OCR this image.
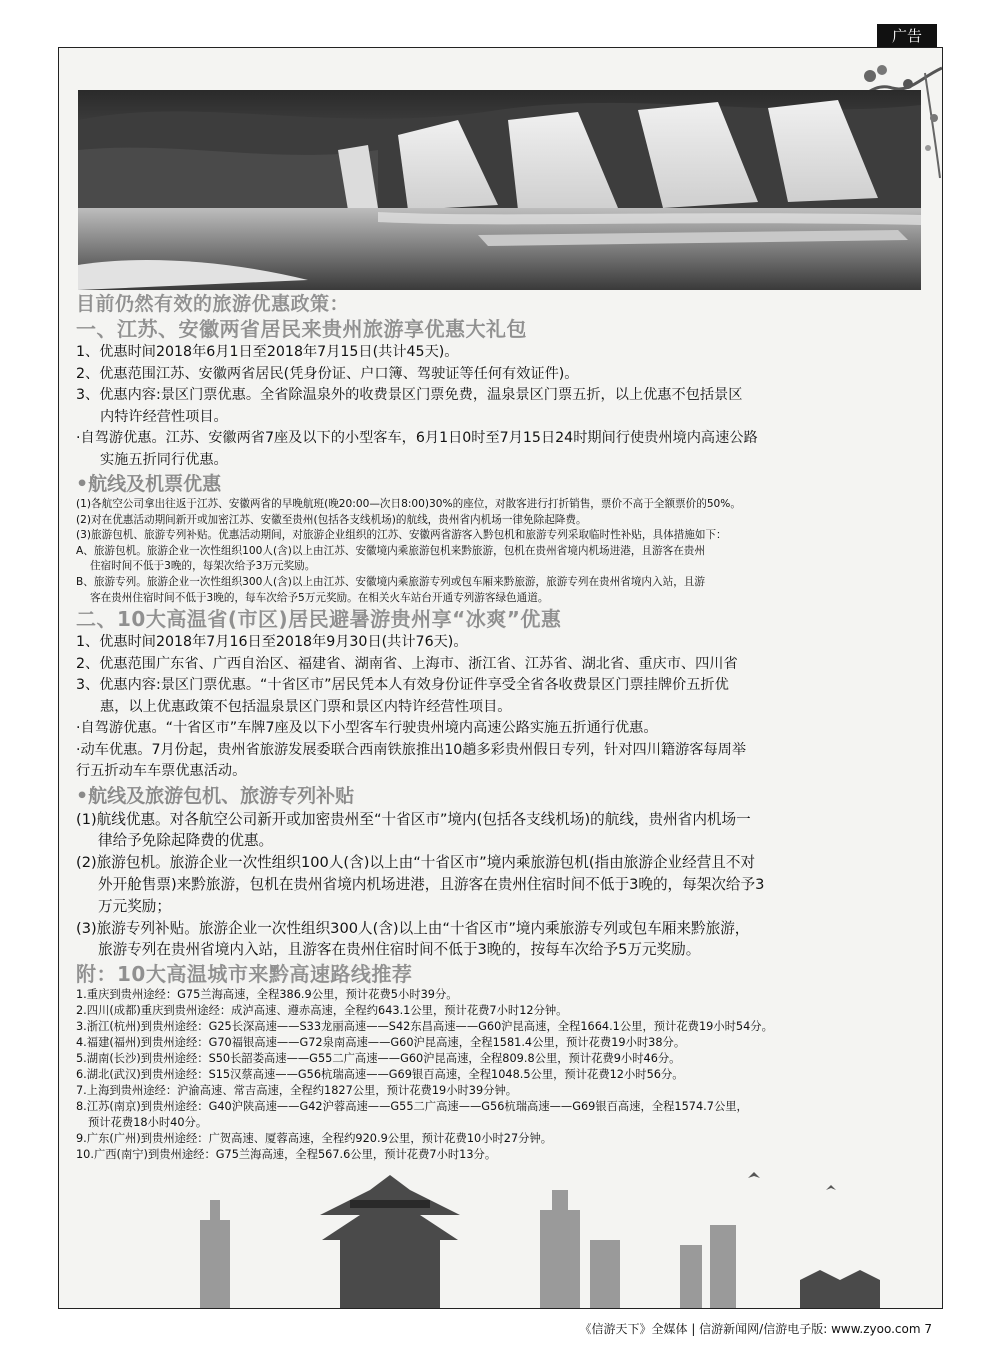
广告

目前仍然有效的旅游优惠政策：

一、江苏、安徽两省居民来贵州旅游享优惠大礼包

1、优惠时间2018年6月1日至2018年7月15日(共计45天)。

2、优惠范围江苏、安徽两省居民(凭身份证、户口簿、驾驶证等任何有效证件)。

3、优惠内容:景区门票优惠。全省除温泉外的收费景区门票免费，温泉景区门票五折，以上优惠不包括景区

内特许经营性项目。

·自驾游优惠。江苏、安徽两省7座及以下的小型客车，6月1日0时至7月15日24时期间行使贵州境内高速公路

实施五折同行优惠。

•航线及机票优惠

(1)各航空公司拿出往返于江苏、安徽两省的早晚航班(晚20:00—次日8:00)30%的座位，对散客进行打折销售，票价不高于全额票价的50%。

(2)对在优惠活动期间新开或加密江苏、安徽至贵州(包括各支线机场)的航线，贵州省内机场一律免除起降费。

(3)旅游包机、旅游专列补贴。优惠活动期间，对旅游企业组织的江苏、安徽两省游客入黔包机和旅游专列采取临时性补贴，具体措施如下：

A、旅游包机。旅游企业一次性组织100人(含)以上由江苏、安徽境内乘旅游包机来黔旅游，包机在贵州省境内机场进港，且游客在贵州

住宿时间不低于3晚的，每架次给予3万元奖励。

B、旅游专列。旅游企业一次性组织300人(含)以上由江苏、安徽境内乘旅游专列或包车厢来黔旅游，旅游专列在贵州省境内入站，且游

客在贵州住宿时间不低于3晚的，每车次给予5万元奖励。在相关火车站台开通专列游客绿色通道。

二、10大高温省(市区)居民避暑游贵州享“冰爽”优惠

1、优惠时间2018年7月16日至2018年9月30日(共计76天)。

2、优惠范围广东省、广西自治区、福建省、湖南省、上海市、浙江省、江苏省、湖北省、重庆市、四川省

3、优惠内容:景区门票优惠。“十省区市”居民凭本人有效身份证件享受全省各收费景区门票挂牌价五折优

惠，以上优惠政策不包括温泉景区门票和景区内特许经营性项目。

·自驾游优惠。“十省区市”车牌7座及以下小型客车行驶贵州境内高速公路实施五折通行优惠。

·动车优惠。7月份起，贵州省旅游发展委联合西南铁旅推出10趟多彩贵州假日专列，针对四川籍游客每周举

行五折动车车票优惠活动。

•航线及旅游包机、旅游专列补贴

(1)航线优惠。对各航空公司新开或加密贵州至“十省区市”境内(包括各支线机场)的航线，贵州省内机场一

律给予免除起降费的优惠。

(2)旅游包机。旅游企业一次性组织100人(含)以上由“十省区市”境内乘旅游包机(指由旅游企业经营且不对

外开舱售票)来黔旅游，包机在贵州省境内机场进港，且游客在贵州住宿时间不低于3晚的，每架次给予3

万元奖励；

(3)旅游专列补贴。旅游企业一次性组织300人(含)以上由“十省区市”境内乘旅游专列或包车厢来黔旅游，

旅游专列在贵州省境内入站，且游客在贵州住宿时间不低于3晚的，按每车次给予5万元奖励。

附：10大高温城市来黔高速路线推荐

1.重庆到贵州途经：G75兰海高速，全程386.9公里，预计花费5小时39分。

2.四川(成都)重庆到贵州途经：成泸高速、遵赤高速，全程约643.1公里，预计花费7小时12分钟。

3.浙江(杭州)到贵州途经：G25长深高速——S33龙丽高速——S42东昌高速——G60沪昆高速，全程1664.1公里，预计花费19小时54分。

4.福建(福州)到贵州途经：G70福银高速——G72泉南高速——G60沪昆高速，全程1581.4公里，预计花费19小时38分。

5.湖南(长沙)到贵州途经：S50长韶娄高速——G55二广高速——G60沪昆高速，全程809.8公里，预计花费9小时46分。

6.湖北(武汉)到贵州途经：S15汉蔡高速——G56杭瑞高速——G69银百高速，全程1048.5公里，预计花费12小时56分。

7.上海到贵州途经：沪渝高速、常吉高速，全程约1827公里，预计花费19小时39分钟。

8.江苏(南京)到贵州途经：G40沪陕高速——G42沪蓉高速——G55二广高速——G56杭瑞高速——G69银百高速，全程1574.7公里，

预计花费18小时40分。

9.广东(广州)到贵州途经：广贺高速、厦蓉高速，全程约920.9公里，预计花费10小时27分钟。

10.广西(南宁)到贵州途经：G75兰海高速，全程567.6公里，预计花费7小时13分。

《信游天下》全媒体 | 信游新闻网/信游电子版: www.zyoo.com 7
